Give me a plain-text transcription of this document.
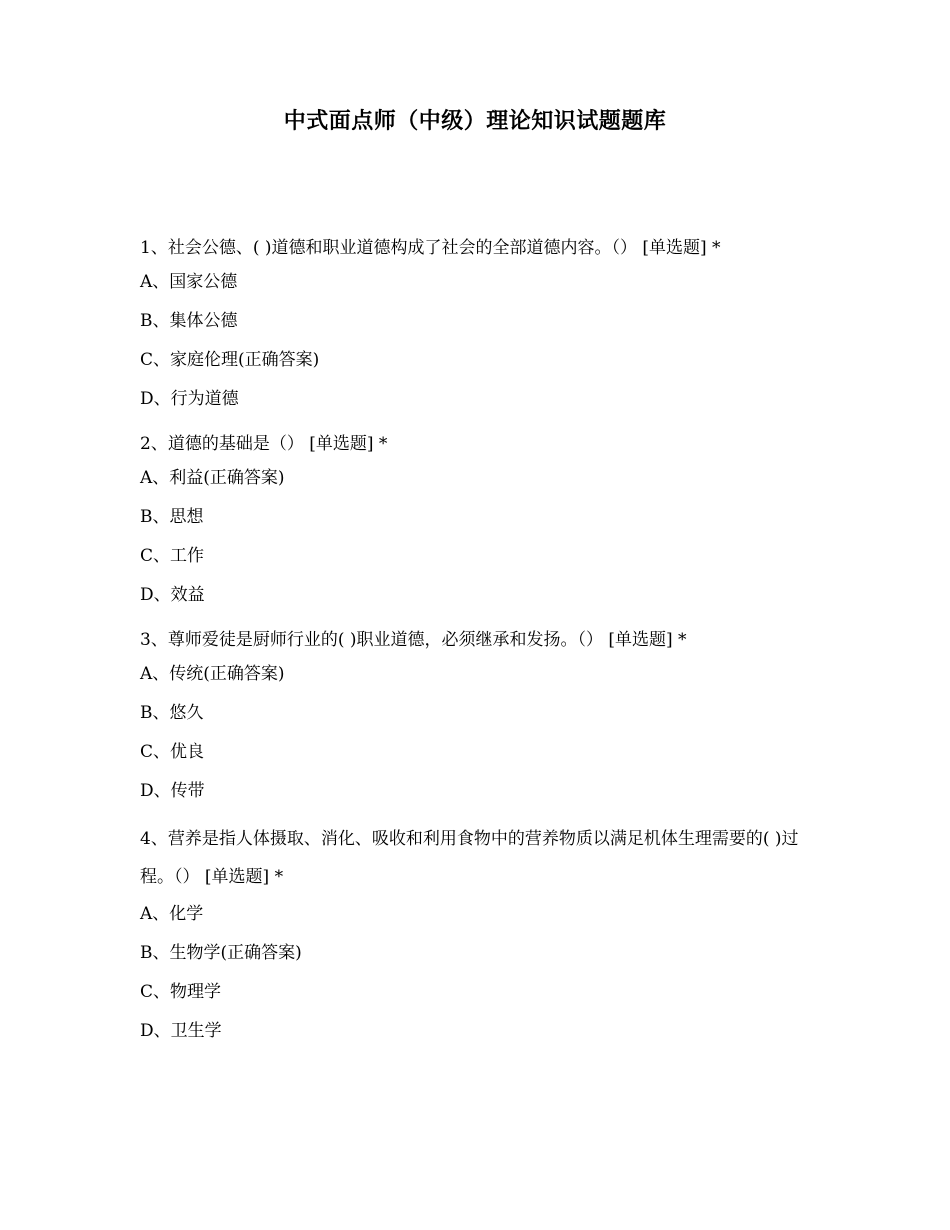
中式面点师（中级）理论知识试题题库
1、社会公德、( )道德和职业道德构成了社会的全部道德内容。（） [单选题] *
A、国家公德
B、集体公德
C、家庭伦理(正确答案)
D、行为道德
2、道德的基础是（） [单选题] *
A、利益(正确答案)
B、思想
C、工作
D、效益
3、尊师爱徒是厨师行业的( )职业道德，必须继承和发扬。（） [单选题] *
A、传统(正确答案)
B、悠久
C、优良
D、传带
4、营养是指人体摄取、消化、吸收和利用食物中的营养物质以满足机体生理需要的( )过程。（） [单选题] *
A、化学
B、生物学(正确答案)
C、物理学
D、卫生学
